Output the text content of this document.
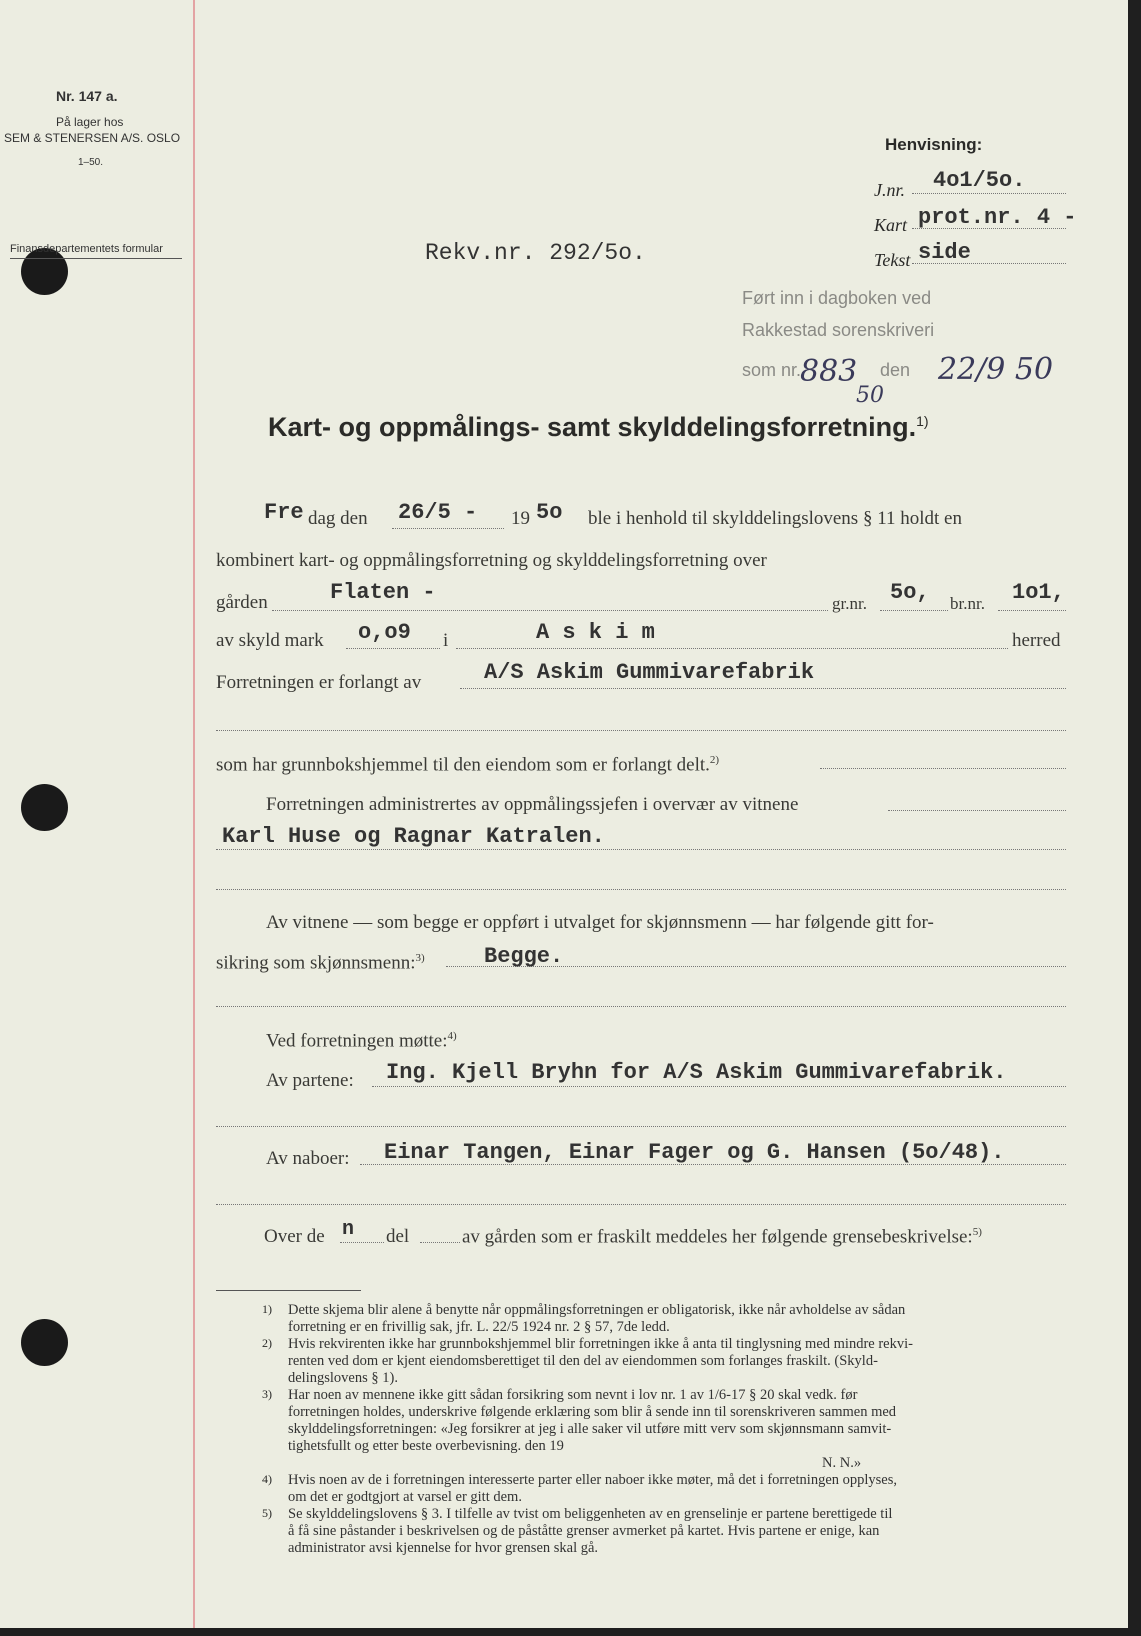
Nr. 147 a.
På lager hos
SEM & STENERSEN A/S. OSLO
1–50.
Finansdepartementets formular
Henvisning:
J.nr. 4o1/5o.
Kart prot.nr. 4 -
Tekst side
Rekv.nr. 292/5o.
Ført inn i dagboken ved
Rakkestad sorenskriveri
som nr.	den
883
50
22/9 50
Kart- og oppmålings- samt skylddelingsforretning.$^{1)}$
Fre dag den 26/5 - 19 5o ble i henhold til skylddelingslovens § 11 holdt en
kombinert kart- og oppmålingsforretning og skylddelingsforretning over
gården	Flaten -	gr.nr. 5o, br.nr. 1o1,
av skyld mark o,o9 i	A s k i m	herred
Forretningen er forlangt av	A/S Askim Gummivarefabrik
som har grunnbokshjemmel til den eiendom som er forlangt delt.$^{2)}$
Forretningen administrertes av oppmålingssjefen i overvær av vitnene
Karl Huse og Ragnar Katralen.
Av vitnene — som begge er oppført i utvalget for skjønnsmenn — har følgende gitt for-
sikring som skjønnsmenn:$^{3)}$	Begge.
Ved forretningen møtte:$^{4)}$
Av partene: Ing. Kjell Bryhn for A/S Askim Gummivarefabrik.
Av naboer: Einar Tangen, Einar Fager og G. Hansen (5o/48).
Over de n del	av gården som er fraskilt meddeles her følgende grensebeskrivelse:$^{5)}$
1) Dette skjema blir alene å benytte når oppmålingsforretningen er obligatorisk, ikke når avholdelse av sådan
forretning er en frivillig sak, jfr. L. 22/5 1924 nr. 2 § 57, 7de ledd.
2) Hvis rekvirenten ikke har grunnbokshjemmel blir forretningen ikke å anta til tinglysning med mindre rekvi-
renten ved dom er kjent eiendomsberettiget til den del av eiendommen som forlanges fraskilt. (Skyld-
delingslovens § 1).
3) Har noen av mennene ikke gitt sådan forsikring som nevnt i lov nr. 1 av 1/6-17 § 20 skal vedk. før
forretningen holdes, underskrive følgende erklæring som blir å sende inn til sorenskriveren sammen med
skylddelingsforretningen: «Jeg forsikrer at jeg i alle saker vil utføre mitt verv som skjønnsmann samvit-
tighetsfullt og etter beste overbevisning. den 19
N. N.»
4) Hvis noen av de i forretningen interesserte parter eller naboer ikke møter, må det i forretningen opplyses,
om det er godtgjort at varsel er gitt dem.
5) Se skylddelingslovens § 3. I tilfelle av tvist om beliggenheten av en grenselinje er partene berettigede til
å få sine påstander i beskrivelsen og de påståtte grenser avmerket på kartet. Hvis partene er enige, kan
administrator avsi kjennelse for hvor grensen skal gå.
